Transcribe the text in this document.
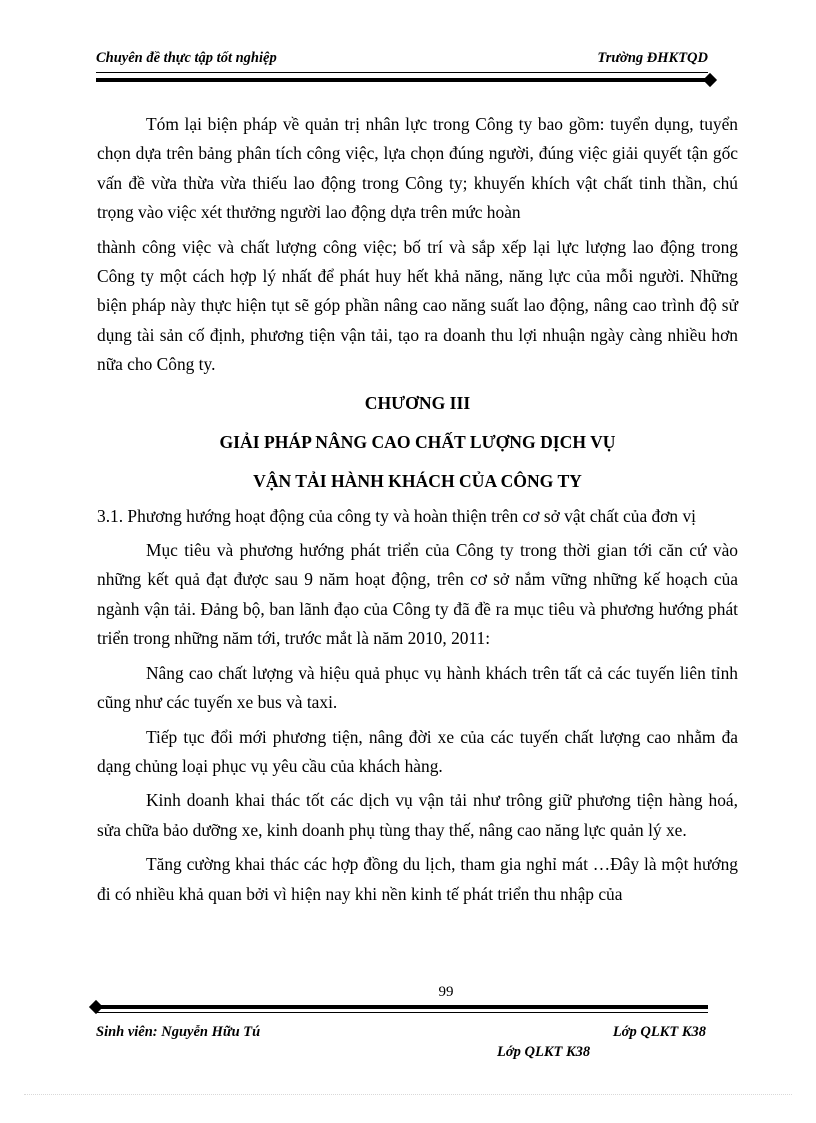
Chuyên đề thực tập tốt nghiệp	Trường ĐHKTQD

Tóm lại biện pháp về quản trị nhân lực trong Công ty bao gồm: tuyển dụng, tuyển chọn dựa trên bảng phân tích công việc, lựa chọn đúng người, đúng việc giải quyết tận gốc vấn đề vừa thừa vừa thiếu lao động trong Công ty; khuyến khích vật chất tinh thần, chú trọng vào việc xét thưởng người lao động dựa trên mức hoàn

thành công việc và chất lượng công việc; bố trí và sắp xếp lại lực lượng lao động trong Công ty một cách hợp lý nhất để phát huy hết khả năng, năng lực của mỗi người. Những biện pháp này thực hiện tụt sẽ góp phần nâng cao năng suất lao động, nâng cao trình độ sử dụng tài sản cố định, phương tiện vận tải, tạo ra doanh thu lợi nhuận ngày càng nhiều hơn nữa cho Công ty.

CHƯƠNG III

GIẢI PHÁP NÂNG CAO CHẤT LƯỢNG DỊCH VỤ

VẬN TẢI HÀNH KHÁCH CỦA CÔNG TY

3.1. Phương hướng hoạt động của công ty và hoàn thiện trên cơ sở vật chất của đơn vị

Mục tiêu và phương hướng phát triển của Công ty trong thời gian tới căn cứ vào những kết quả đạt được sau 9 năm hoạt động, trên cơ sở nắm vững những kế hoạch của ngành vận tải. Đảng bộ, ban lãnh đạo của Công ty đã đề ra mục tiêu và phương hướng phát triển trong những năm tới, trước mắt là năm 2010, 2011:

Nâng cao chất lượng và hiệu quả phục vụ hành khách trên tất cả các tuyến liên tỉnh cũng như các tuyến xe bus và taxi.

Tiếp tục đổi mới phương tiện, nâng đời xe của các tuyến chất lượng cao nhằm đa dạng chủng loại phục vụ yêu cầu của khách hàng.

Kinh doanh khai thác tốt các dịch vụ vận tải như trông giữ phương tiện hàng hoá, sửa chữa bảo dưỡng xe, kinh doanh phụ tùng thay thế, nâng cao năng lực quản lý xe.

Tăng cường khai thác các hợp đồng du lịch, tham gia nghỉ mát …Đây là một hướng đi có nhiều khả quan bởi vì hiện nay khi nền kinh tế phát triển thu nhập của

99
Sinh viên: Nguyễn Hữu Tú	Lớp QLKT K38
Lớp QLKT K38
